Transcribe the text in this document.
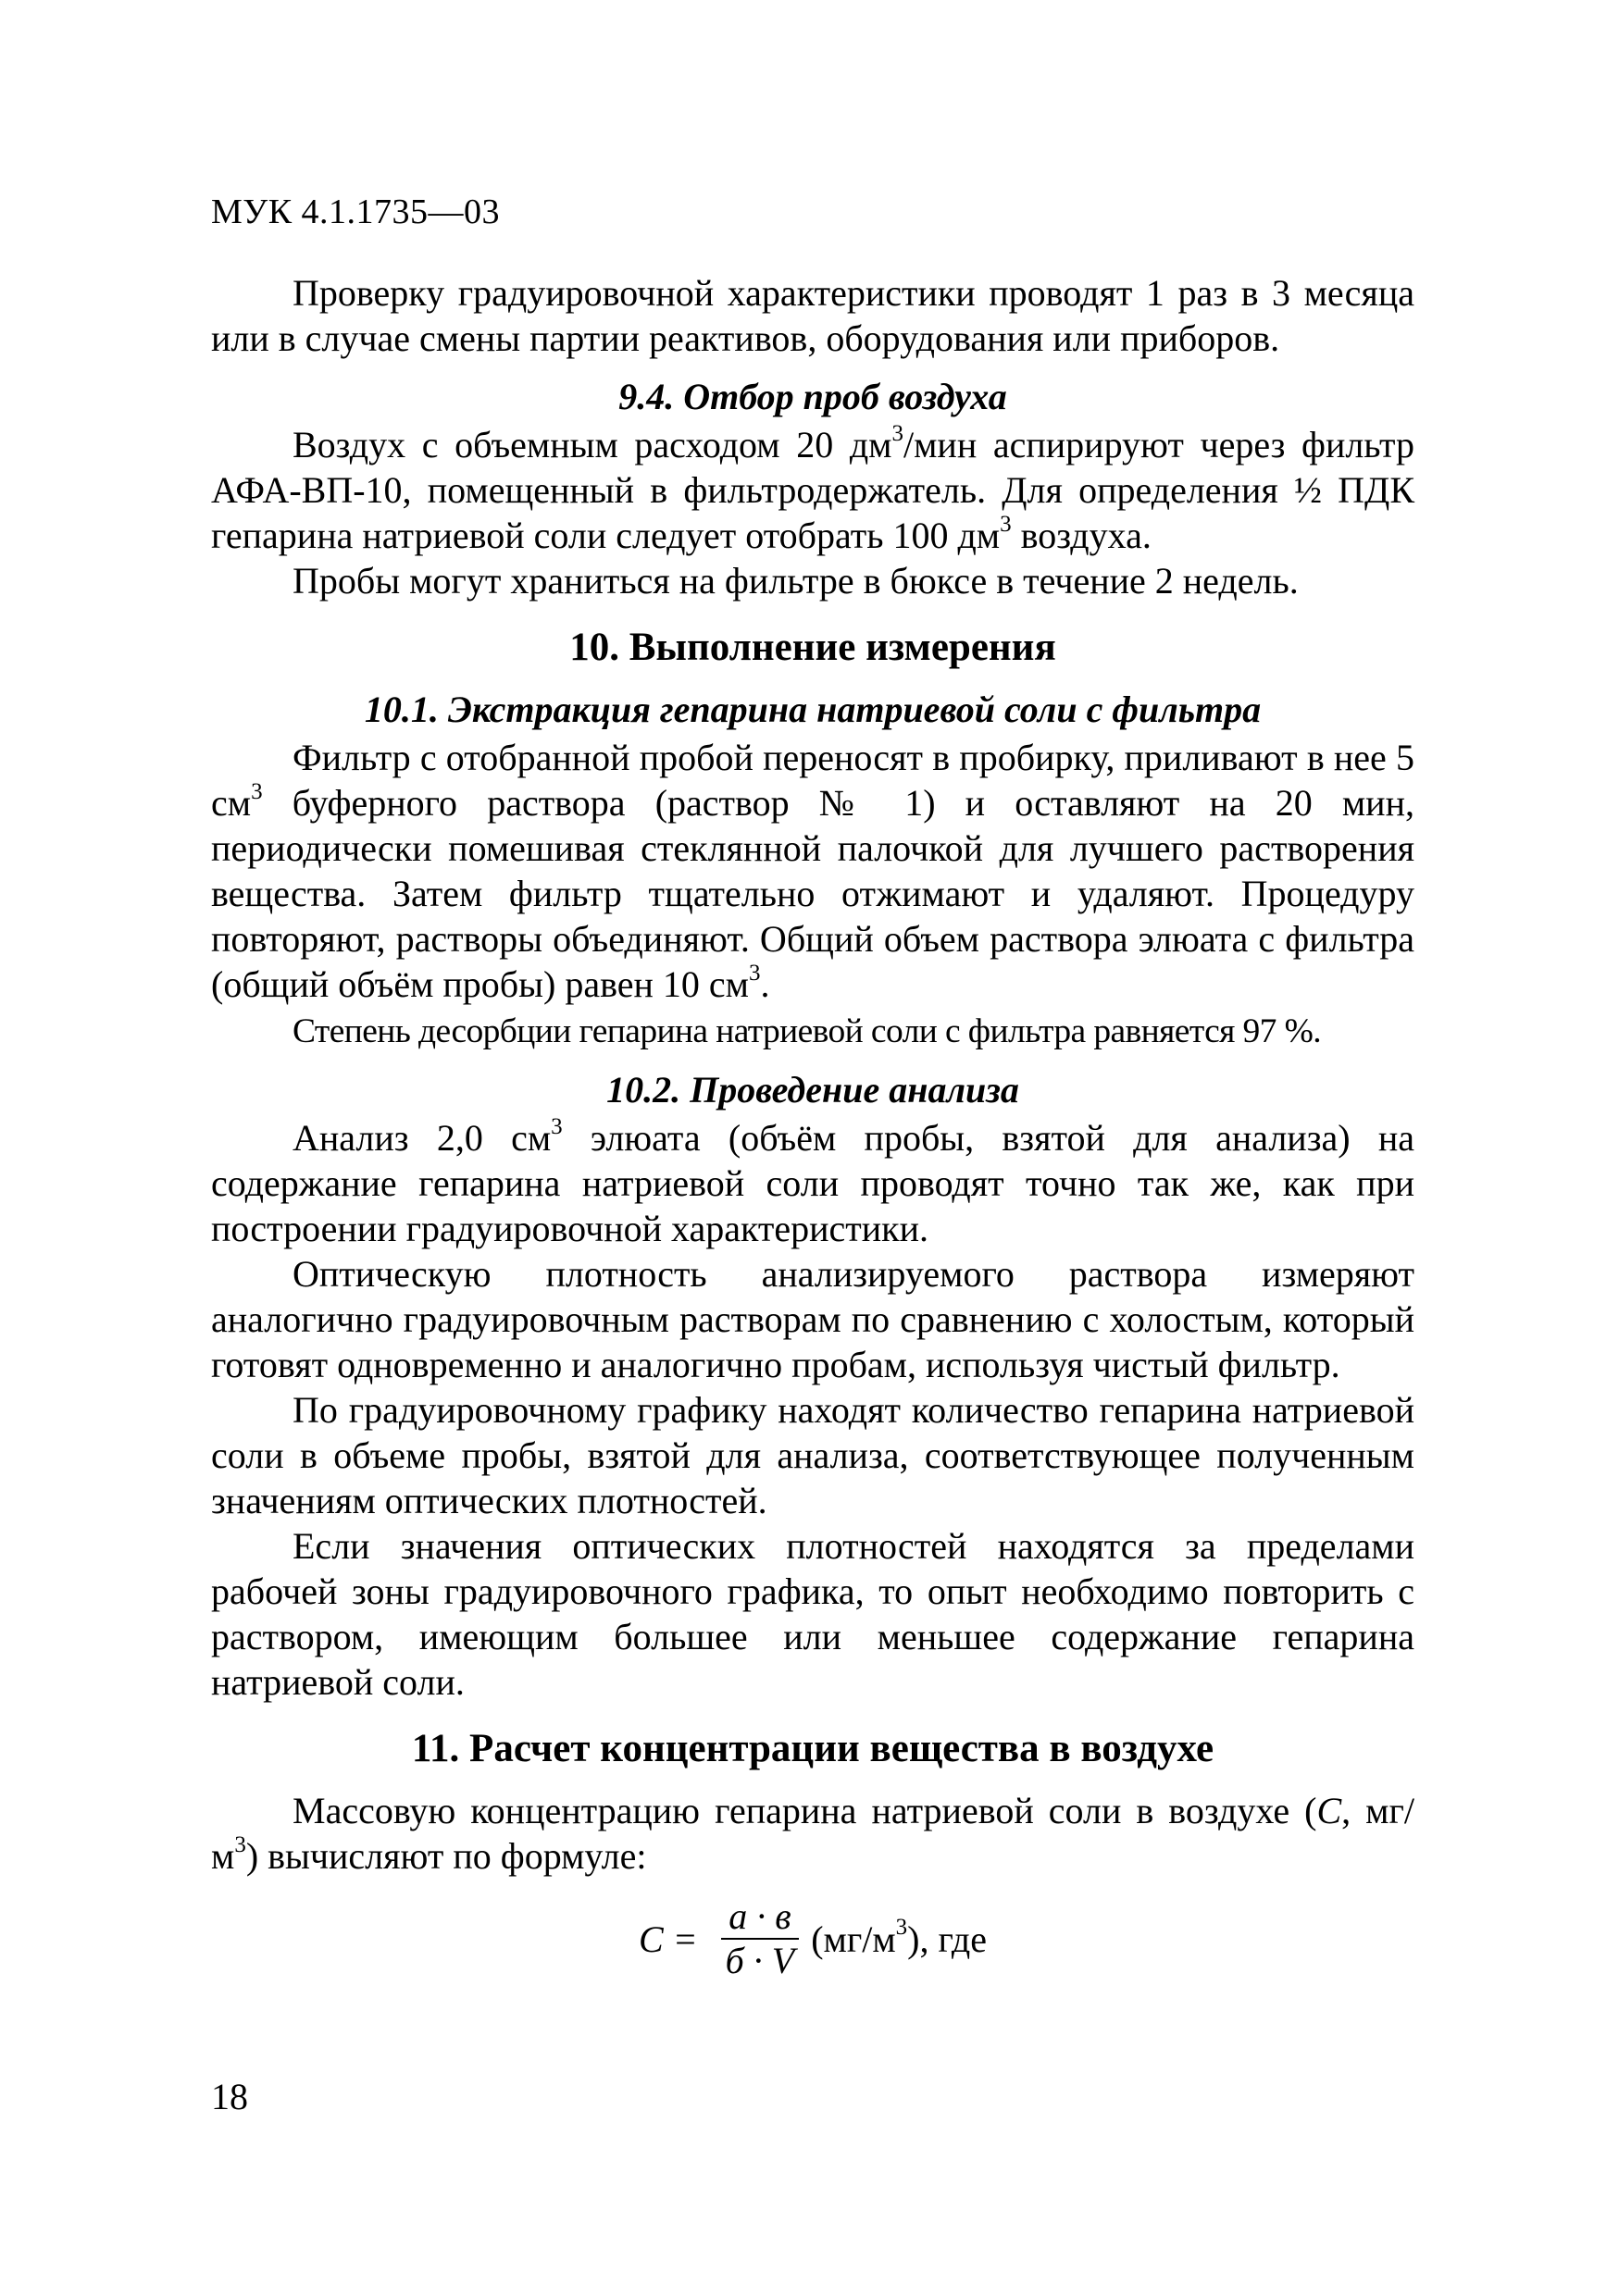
МУК 4.1.1735—03

Проверку градуировочной характеристики проводят 1 раз в 3 месяца или в случае смены партии реактивов, оборудования или приборов.

9.4. Отбор проб воздуха

Воздух с объемным расходом 20 $дм^3$/мин аспирируют через фильтр АФА-ВП-10, помещенный в фильтродержатель. Для определения ½ ПДК гепарина натриевой соли следует отобрать 100 $дм^3$ воздуха.

Пробы могут храниться на фильтре в бюксе в течение 2 недель.

10. Выполнение измерения
10.1. Экстракция гепарина натриевой соли с фильтра

Фильтр с отобранной пробой переносят в пробирку, приливают в нее 5 $см^3$ буферного раствора (раствор № 1) и оставляют на 20 мин, периодически помешивая стеклянной палочкой для лучшего растворения вещества. Затем фильтр тщательно отжимают и удаляют. Процедуру повторяют, растворы объединяют. Общий объем раствора элюата с фильтра (общий объём пробы) равен 10 $см^3$.

Степень десорбции гепарина натриевой соли с фильтра равняется 97 %.

10.2. Проведение анализа

Анализ 2,0 $см^3$ элюата (объём пробы, взятой для анализа) на содержание гепарина натриевой соли проводят точно так же, как при построении градуировочной характеристики.

Оптическую плотность анализируемого раствора измеряют аналогично градуировочным растворам по сравнению с холостым, который готовят одновременно и аналогично пробам, используя чистый фильтр.

По градуировочному графику находят количество гепарина натриевой соли в объеме пробы, взятой для анализа, соответствующее полученным значениям оптических плотностей.

Если значения оптических плотностей находятся за пределами рабочей зоны градуировочного графика, то опыт необходимо повторить с раствором, имеющим большее или меньшее содержание гепарина натриевой соли.

11. Расчет концентрации вещества в воздухе

Массовую концентрацию гепарина натриевой соли в воздухе (С, $мг/м^3$) вычисляют по формуле:

$С = \frac{а \cdot в}{б \cdot V} (мг/м^3)$, где
18
